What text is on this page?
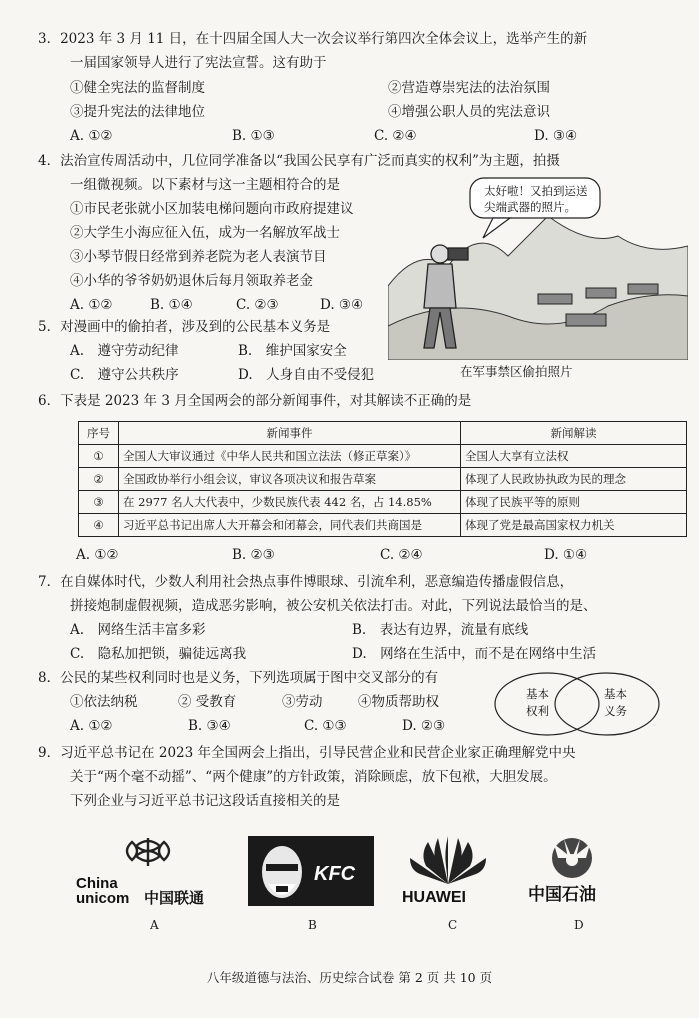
3．2023 年 3 月 11 日，在十四届全国人大一次会议举行第四次全体会议上，选举产生的新
一届国家领导人进行了宪法宣誓。这有助于
①健全宪法的监督制度	②营造尊崇宪法的法治氛围
③提升宪法的法律地位	④增强公职人员的宪法意识
A. ①②	B. ①③	C. ②④	D. ③④
4．法治宣传周活动中，几位同学准备以“我国公民享有广泛而真实的权利”为主题，拍摄
一组微视频。以下素材与这一主题相符合的是
①市民老张就小区加装电梯问题向市政府提建议
②大学生小海应征入伍，成为一名解放军战士
③小琴节假日经常到养老院为老人表演节目
④小华的爷爷奶奶退休后每月领取养老金
A. ①②	B. ①④	C. ②③	D. ③④
太好啦！又拍到运送
尖端武器的照片。
在军事禁区偷拍照片
5．对漫画中的偷拍者，涉及到的公民基本义务是
A.　遵守劳动纪律	B.　维护国家安全
C.　遵守公共秩序	D.　人身自由不受侵犯
6．下表是 2023 年 3 月全国两会的部分新闻事件，对其解读不正确的是
序号	新闻事件	新闻解读
①	全国人大审议通过《中华人民共和国立法法（修正草案）》	全国人大享有立法权
②	全国政协举行小组会议，审议各项决议和报告草案	体现了人民政协执政为民的理念
③	在 2977 名人大代表中，少数民族代表 442 名，占 14.85%	体现了民族平等的原则
④	习近平总书记出席人大开幕会和闭幕会，同代表们共商国是	体现了党是最高国家权力机关
A. ①②	B. ②③	C. ②④	D. ①④
7．在自媒体时代，少数人利用社会热点事件博眼球、引流牟利，恶意编造传播虚假信息，
拼接炮制虚假视频，造成恶劣影响，被公安机关依法打击。对此，下列说法最恰当的是、
A.　网络生活丰富多彩	B.　表达有边界，流量有底线
C.　隐私加把锁，骗徒远离我	D.　网络在生活中，而不是在网络中生活
8．公民的某些权利同时也是义务，下列选项属于图中交叉部分的有
①依法纳税	② 受教育	③劳动	④物质帮助权
A. ①②	B. ③④	C. ①③	D. ②③
基本
权利
基本
义务
9．习近平总书记在 2023 年全国两会上指出，引导民营企业和民营企业家正确理解党中央
关于“两个毫不动摇”、“两个健康”的方针政策，消除顾虑，放下包袱，大胆发展。
下列企业与习近平总书记这段话直接相关的是
China
unicom 中国联通
KFC
HUAWEI	中国石油
A	B	C	D
八年级道德与法治、历史综合试卷 第 2 页 共 10 页
